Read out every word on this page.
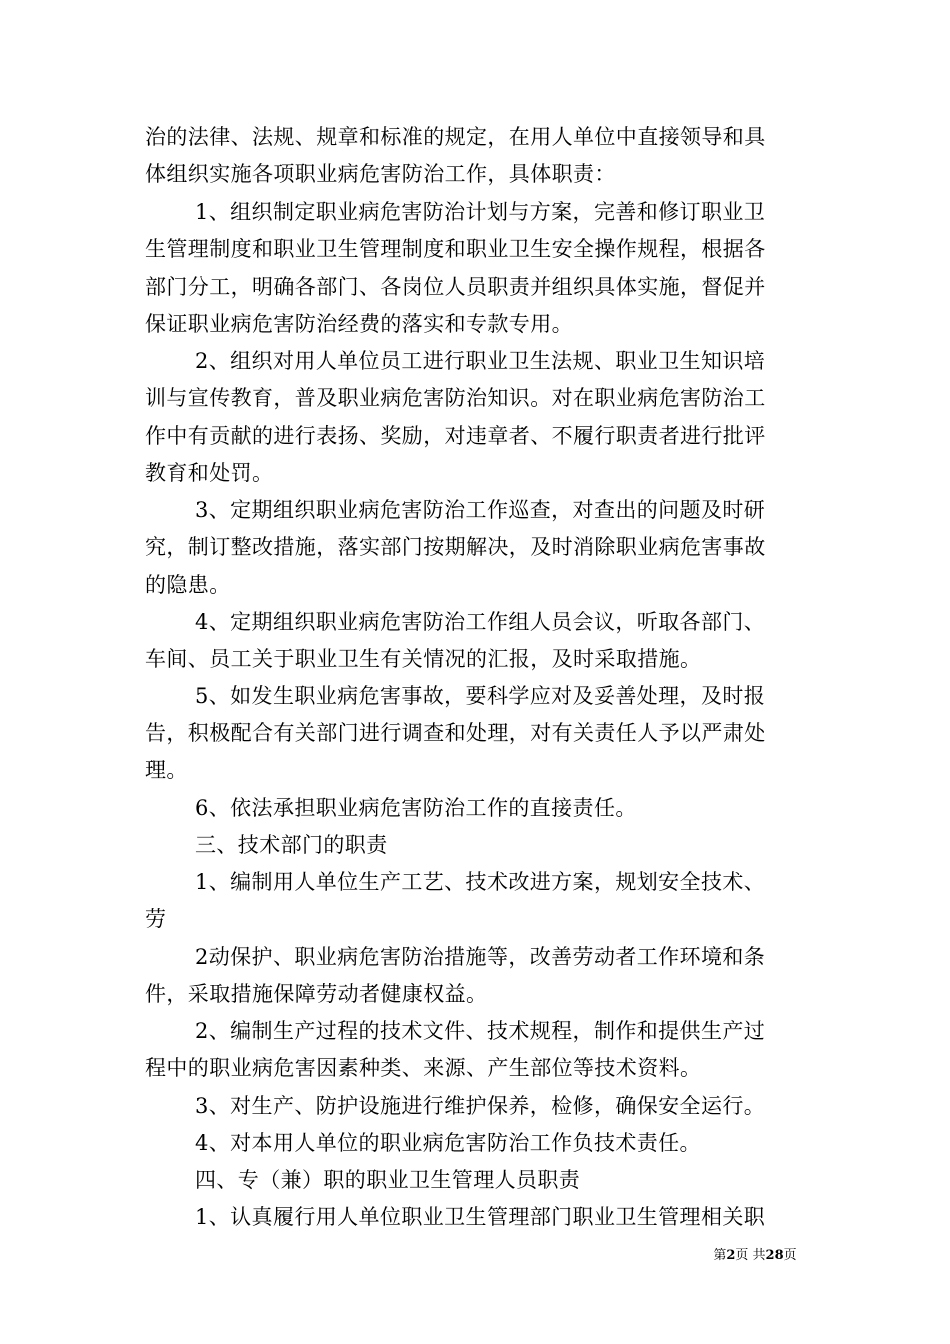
治的法律、法规、规章和标准的规定，在用人单位中直接领导和具
体组织实施各项职业病危害防治工作，具体职责：
1、组织制定职业病危害防治计划与方案，完善和修订职业卫
生管理制度和职业卫生管理制度和职业卫生安全操作规程，根据各
部门分工，明确各部门、各岗位人员职责并组织具体实施，督促并
保证职业病危害防治经费的落实和专款专用。
2、组织对用人单位员工进行职业卫生法规、职业卫生知识培
训与宣传教育，普及职业病危害防治知识。对在职业病危害防治工
作中有贡献的进行表扬、奖励，对违章者、不履行职责者进行批评
教育和处罚。
3、定期组织职业病危害防治工作巡查，对查出的问题及时研
究，制订整改措施，落实部门按期解决，及时消除职业病危害事故
的隐患。
4、定期组织职业病危害防治工作组人员会议，听取各部门、
车间、员工关于职业卫生有关情况的汇报，及时采取措施。
5、如发生职业病危害事故，要科学应对及妥善处理，及时报
告，积极配合有关部门进行调查和处理，对有关责任人予以严肃处
理。
6、依法承担职业病危害防治工作的直接责任。
三、技术部门的职责
1、编制用人单位生产工艺、技术改进方案，规划安全技术、
劳
2动保护、职业病危害防治措施等，改善劳动者工作环境和条
件，采取措施保障劳动者健康权益。
2、编制生产过程的技术文件、技术规程，制作和提供生产过
程中的职业病危害因素种类、来源、产生部位等技术资料。
3、对生产、防护设施进行维护保养，检修，确保安全运行。
4、对本用人单位的职业病危害防治工作负技术责任。
四、专（兼）职的职业卫生管理人员职责
1、认真履行用人单位职业卫生管理部门职业卫生管理相关职
第2页 共28页
